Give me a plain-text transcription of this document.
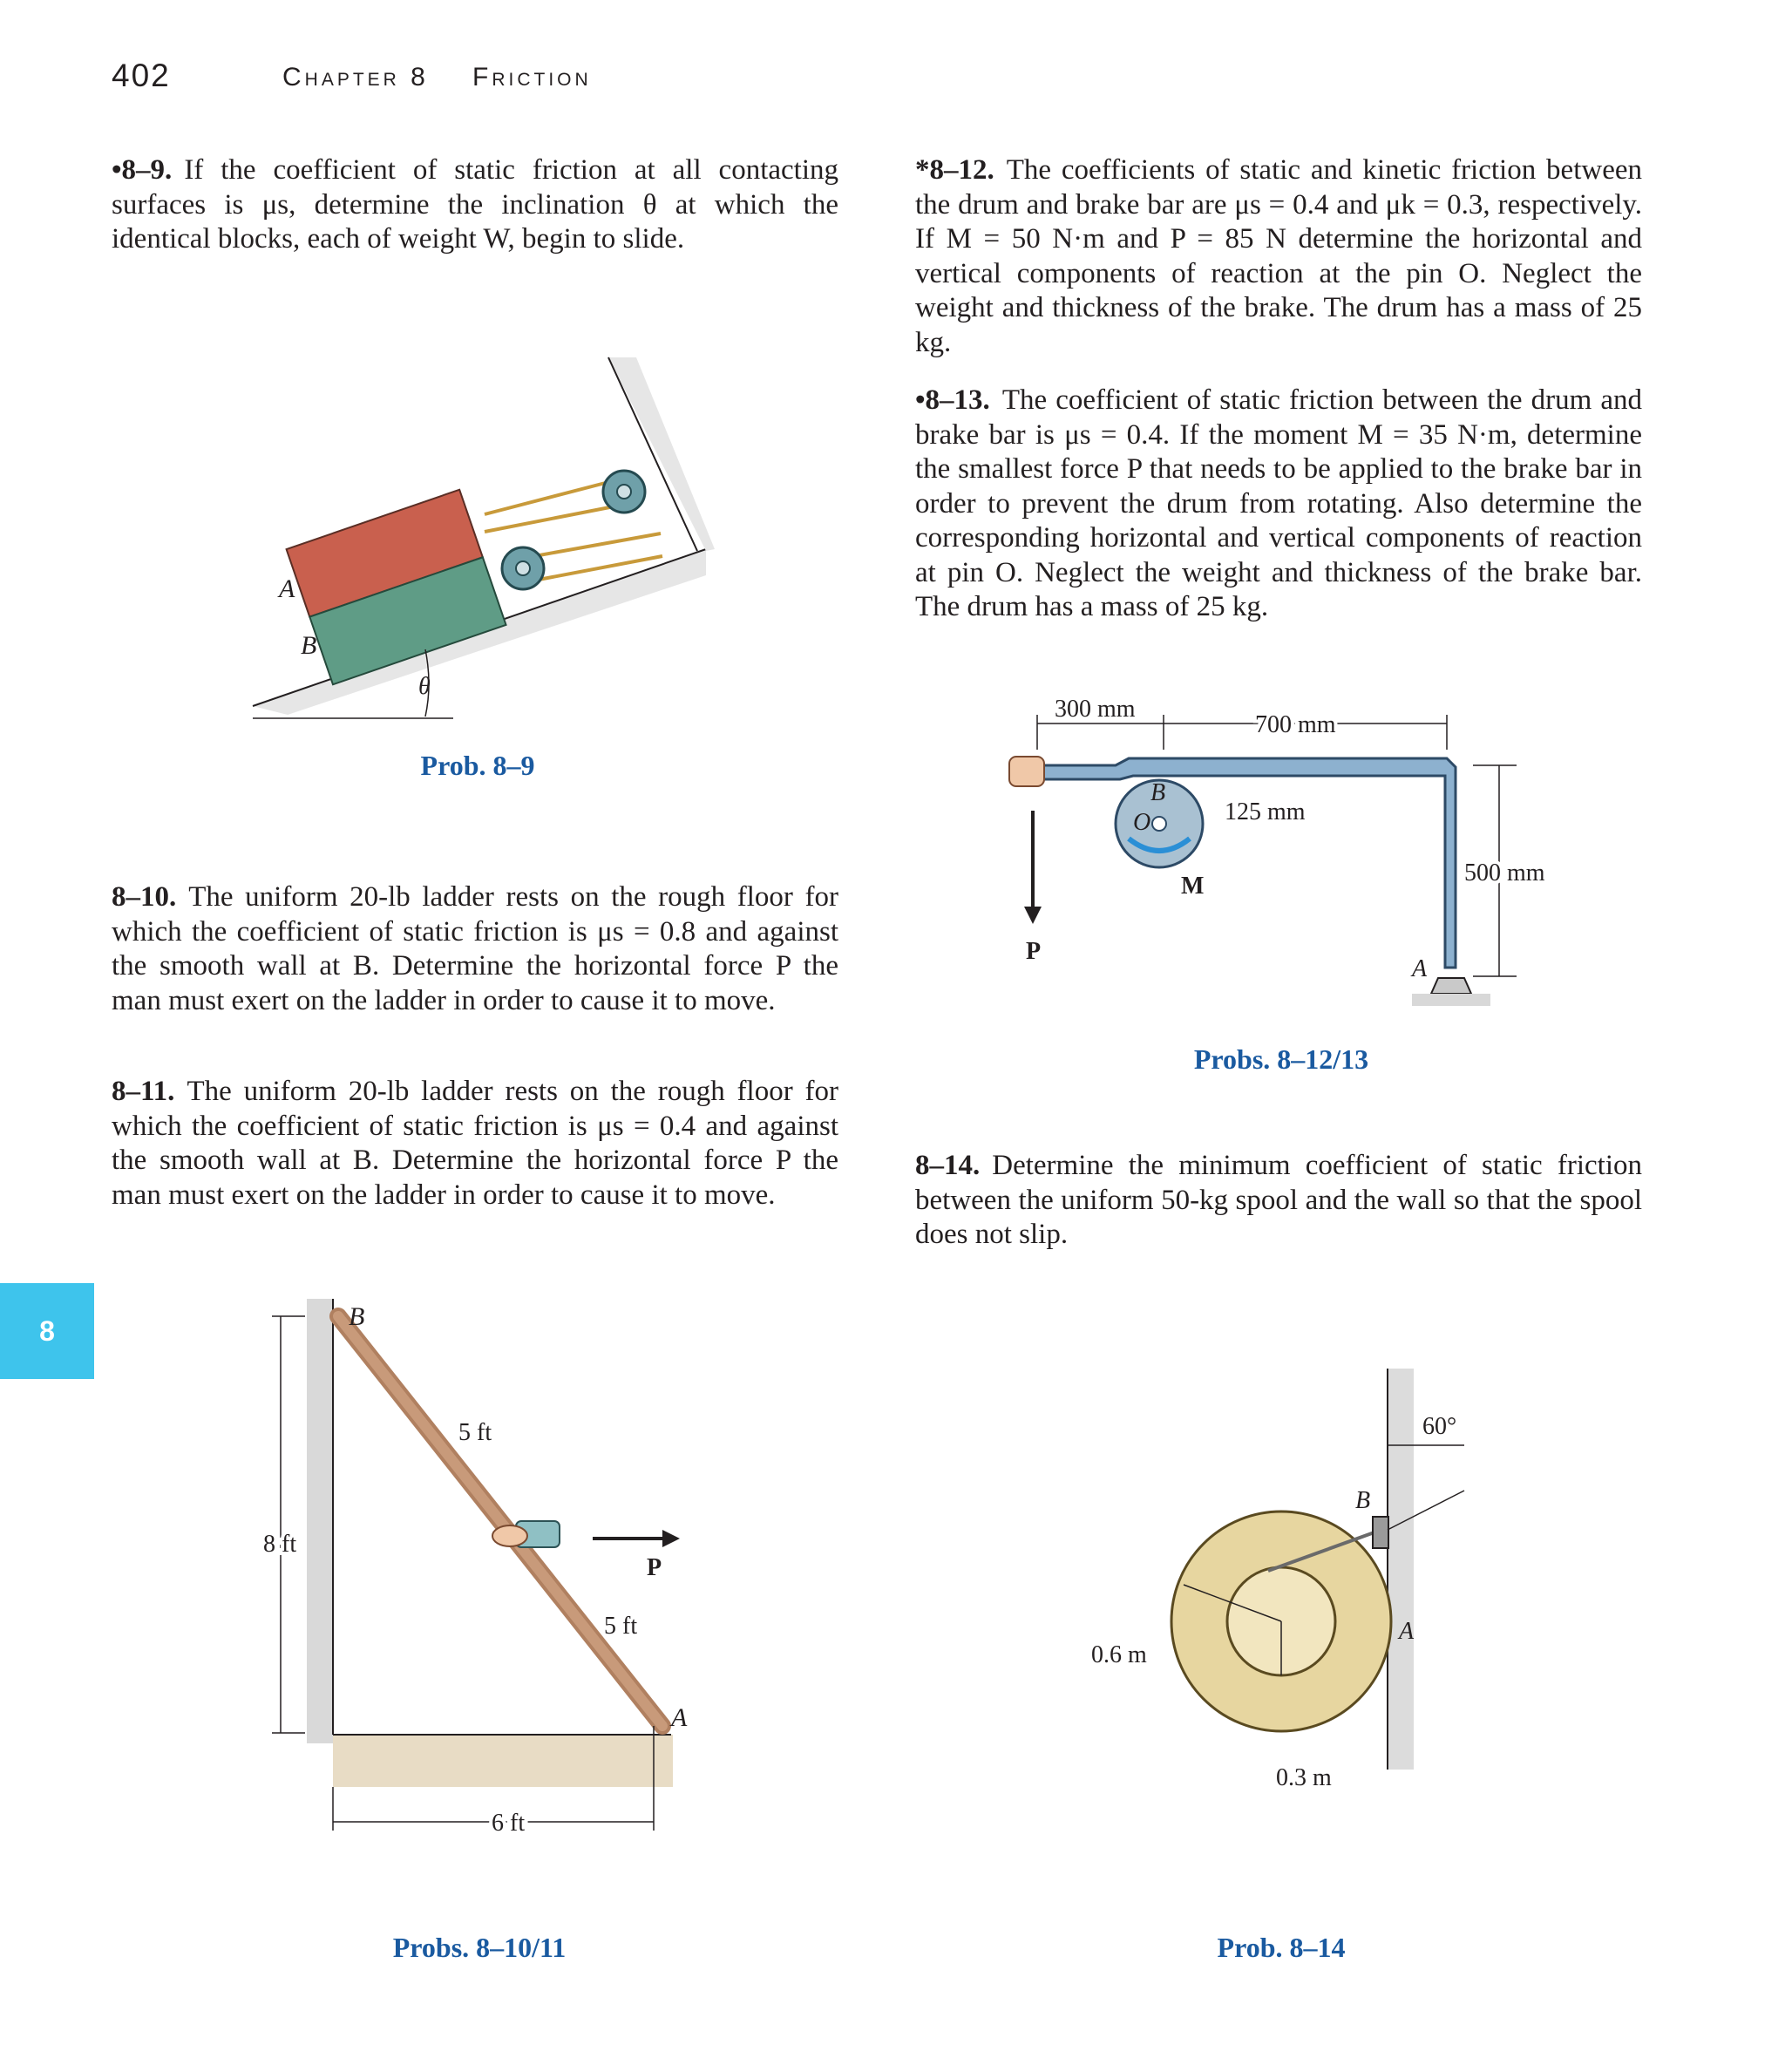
402	Chapter 8 Friction

•8–9. If the coefficient of static friction at all contacting surfaces is μs, determine the inclination θ at which the identical blocks, each of weight W, begin to slide.

8–10. The uniform 20-lb ladder rests on the rough floor for which the coefficient of static friction is μs = 0.8 and against the smooth wall at B. Determine the horizontal force P the man must exert on the ladder in order to cause it to move.

8–11. The uniform 20-lb ladder rests on the rough floor for which the coefficient of static friction is μs = 0.4 and against the smooth wall at B. Determine the horizontal force P the man must exert on the ladder in order to cause it to move.

*8–12. The coefficients of static and kinetic friction between the drum and brake bar are μs = 0.4 and μk = 0.3, respectively. If M = 50 N·m and P = 85 N determine the horizontal and vertical components of reaction at the pin O. Neglect the weight and thickness of the brake. The drum has a mass of 25 kg.

•8–13. The coefficient of static friction between the drum and brake bar is μs = 0.4. If the moment M = 35 N·m, determine the smallest force P that needs to be applied to the brake bar in order to prevent the drum from rotating. Also determine the corresponding horizontal and vertical components of reaction at pin O. Neglect the weight and thickness of the brake bar. The drum has a mass of 25 kg.

8–14. Determine the minimum coefficient of static friction between the uniform 50-kg spool and the wall so that the spool does not slip.

8
A
B
θ
Prob. 8–9
B
A
P
5 ft
5 ft
8 ft
6 ft
Probs. 8–10/11
300 mm
700 mm
125 mm
500 mm
B
O
M
P
A
Probs. 8–12/13
60°
B
A
0.6 m
0.3 m
Prob. 8–14
